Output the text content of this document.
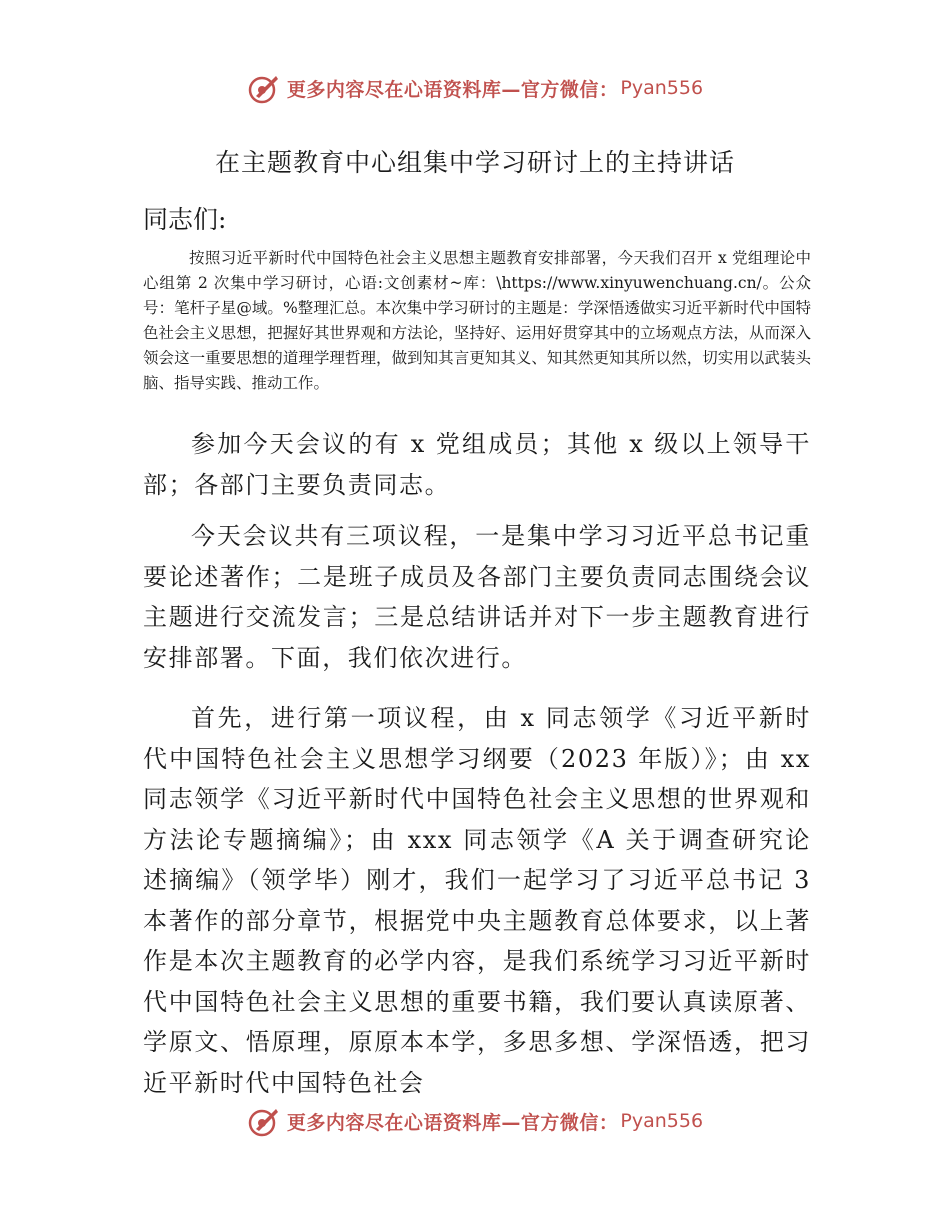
更多内容尽在心语资料库—官方微信： Pyan556
在主题教育中心组集中学习研讨上的主持讲话
同志们:

按照习近平新时代中国特色社会主义思想主题教育安排部署，今天我们召开 x 党组理论中心组第 2 次集中学习研讨，心语:文创素材~库：\https://www.xinyuwenchuang.cn/。公众号：笔杆子星@域。%整理汇总。本次集中学习研讨的主题是：学深悟透做实习近平新时代中国特色社会主义思想，把握好其世界观和方法论，坚持好、运用好贯穿其中的立场观点方法，从而深入领会这一重要思想的道理学理哲理，做到知其言更知其义、知其然更知其所以然，切实用以武装头脑、指导实践、推动工作。

参加今天会议的有 x 党组成员；其他 x 级以上领导干部；各部门主要负责同志。

今天会议共有三项议程，一是集中学习习近平总书记重要论述著作；二是班子成员及各部门主要负责同志围绕会议主题进行交流发言；三是总结讲话并对下一步主题教育进行安排部署。下面，我们依次进行。

首先，进行第一项议程，由 x 同志领学《习近平新时代中国特色社会主义思想学习纲要（2023 年版）》；由 xx 同志领学《习近平新时代中国特色社会主义思想的世界观和方法论专题摘编》；由 xxx 同志领学《A 关于调查研究论述摘编》（领学毕）刚才，我们一起学习了习近平总书记 3 本著作的部分章节，根据党中央主题教育总体要求，以上著作是本次主题教育的必学内容，是我们系统学习习近平新时代中国特色社会主义思想的重要书籍，我们要认真读原著、学原文、悟原理，原原本本学，多思多想、学深悟透，把习近平新时代中国特色社会

更多内容尽在心语资料库—官方微信： Pyan556
